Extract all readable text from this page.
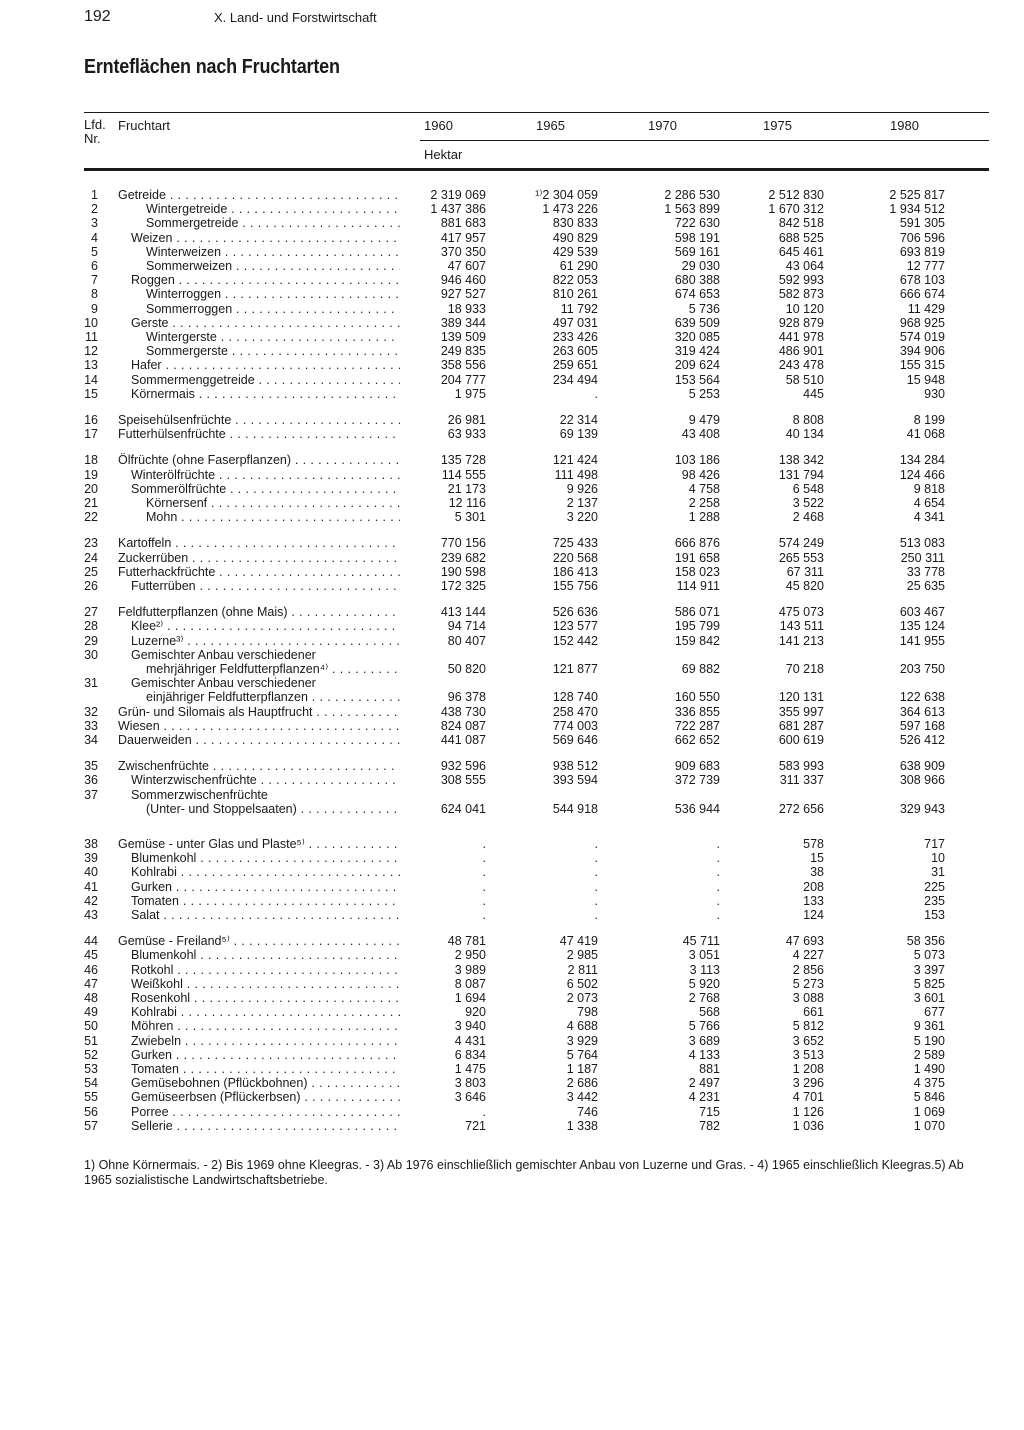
192	X. Land- und Forstwirtschaft
Ernteflächen nach Fruchtarten
Lfd. Nr.
Fruchtart	1960	1965	1970	1975	1980
Hektar
1 Getreide . . .	2 319 069	¹⁾2 304 059	2 286 530	2 512 830	2 525 817
2	Wintergetreide . . .	1 437 386	1 473 226	1 563 899	1 670 312	1 934 512
3	Sommergetreide . . .	881 683	830 833	722 630	842 518	591 305
4	Weizen . . .	417 957	490 829	598 191	688 525	706 596
5	Winterweizen . . .	370 350	429 539	569 161	645 461	693 819
6	Sommerweizen . . .	47 607	61 290	29 030	43 064	12 777
7	Roggen . . .	946 460	822 053	680 388	592 993	678 103
8	Winterroggen . . .	927 527	810 261	674 653	582 873	666 674
9	Sommerroggen . . .	18 933	11 792	5 736	10 120	11 429
10	Gerste . . .	389 344	497 031	639 509	928 879	968 925
11	Wintergerste . . .	139 509	233 426	320 085	441 978	574 019
12	Sommergerste . . .	249 835	263 605	319 424	486 901	394 906
13	Hafer . . .	358 556	259 651	209 624	243 478	155 315
14	Sommermenggetreide . . .	204 777	234 494	153 564	58 510	15 948
15	Körnermais . . .	1 975	.	5 253	445	930
16 Speisehülsenfrüchte . . .	26 981	22 314	9 479	8 808	8 199
17 Futterhülsenfrüchte . . .	63 933	69 139	43 408	40 134	41 068
18 Ölfrüchte (ohne Faserpflanzen) . . .	135 728	121 424	103 186	138 342	134 284
19	Winterölfrüchte . . .	114 555	111 498	98 426	131 794	124 466
20	Sommerölfrüchte . . .	21 173	9 926	4 758	6 548	9 818
21	Körnersenf . . .	12 116	2 137	2 258	3 522	4 654
22	Mohn . . .	5 301	3 220	1 288	2 468	4 341
23 Kartoffeln . . .	770 156	725 433	666 876	574 249	513 083
24 Zuckerrüben . . .	239 682	220 568	191 658	265 553	250 311
25 Futterhackfrüchte . . .	190 598	186 413	158 023	67 311	33 778
26	Futterrüben . . .	172 325	155 756	114 911	45 820	25 635
27 Feldfutterpflanzen (ohne Mais) . . .	413 144	526 636	586 071	475 073	603 467
28	Klee²⁾ . . .	94 714	123 577	195 799	143 511	135 124
29	Luzerne³⁾ . . .	80 407	152 442	159 842	141 213	141 955
30	Gemischter Anbau verschiedener
mehrjähriger Feldfutterpflanzen⁴⁾ . . .	50 820	121 877	69 882	70 218	203 750
31	Gemischter Anbau verschiedener
einjähriger Feldfutterpflanzen . . .	96 378	128 740	160 550	120 131	122 638
32 Grün- und Silomais als Hauptfrucht . . .	438 730	258 470	336 855	355 997	364 613
33 Wiesen . . .	824 087	774 003	722 287	681 287	597 168
34 Dauerweiden . . .	441 087	569 646	662 652	600 619	526 412
35 Zwischenfrüchte . . .	932 596	938 512	909 683	583 993	638 909
36	Winterzwischenfrüchte . . .	308 555	393 594	372 739	311 337	308 966
37	Sommerzwischenfrüchte
(Unter- und Stoppelsaaten) . . .	624 041	544 918	536 944	272 656	329 943
38 Gemüse - unter Glas und Plaste⁵⁾ . . .	.	.	.	578	717
39	Blumenkohl . . .	.	.	.	15	10
40	Kohlrabi . . .	.	.	.	38	31
41	Gurken . . .	.	.	.	208	225
42	Tomaten . . .	.	.	.	133	235
43	Salat . . .	.	.	.	124	153
44 Gemüse - Freiland⁵⁾ . . .	48 781	47 419	45 711	47 693	58 356
45	Blumenkohl . . .	2 950	2 985	3 051	4 227	5 073
46	Rotkohl . . .	3 989	2 811	3 113	2 856	3 397
47	Weißkohl . . .	8 087	6 502	5 920	5 273	5 825
48	Rosenkohl . . .	1 694	2 073	2 768	3 088	3 601
49	Kohlrabi . . .	920	798	568	661	677
50	Möhren . . .	3 940	4 688	5 766	5 812	9 361
51	Zwiebeln . . .	4 431	3 929	3 689	3 652	5 190
52	Gurken . . .	6 834	5 764	4 133	3 513	2 589
53	Tomaten . . .	1 475	1 187	881	1 208	1 490
54	Gemüsebohnen (Pflückbohnen) . . .	3 803	2 686	2 497	3 296	4 375
55	Gemüseerbsen (Pflückerbsen) . . .	3 646	3 442	4 231	4 701	5 846
56	Porree . . .	.	746	715	1 126	1 069
57	Sellerie . . .	721	1 338	782	1 036	1 070

1) Ohne Körnermais. - 2) Bis 1969 ohne Kleegras. - 3) Ab 1976 einschließlich gemischter Anbau von Luzerne und Gras. - 4) 1965 einschließlich Kleegras.5) Ab 1965 sozialistische Landwirtschaftsbetriebe.
